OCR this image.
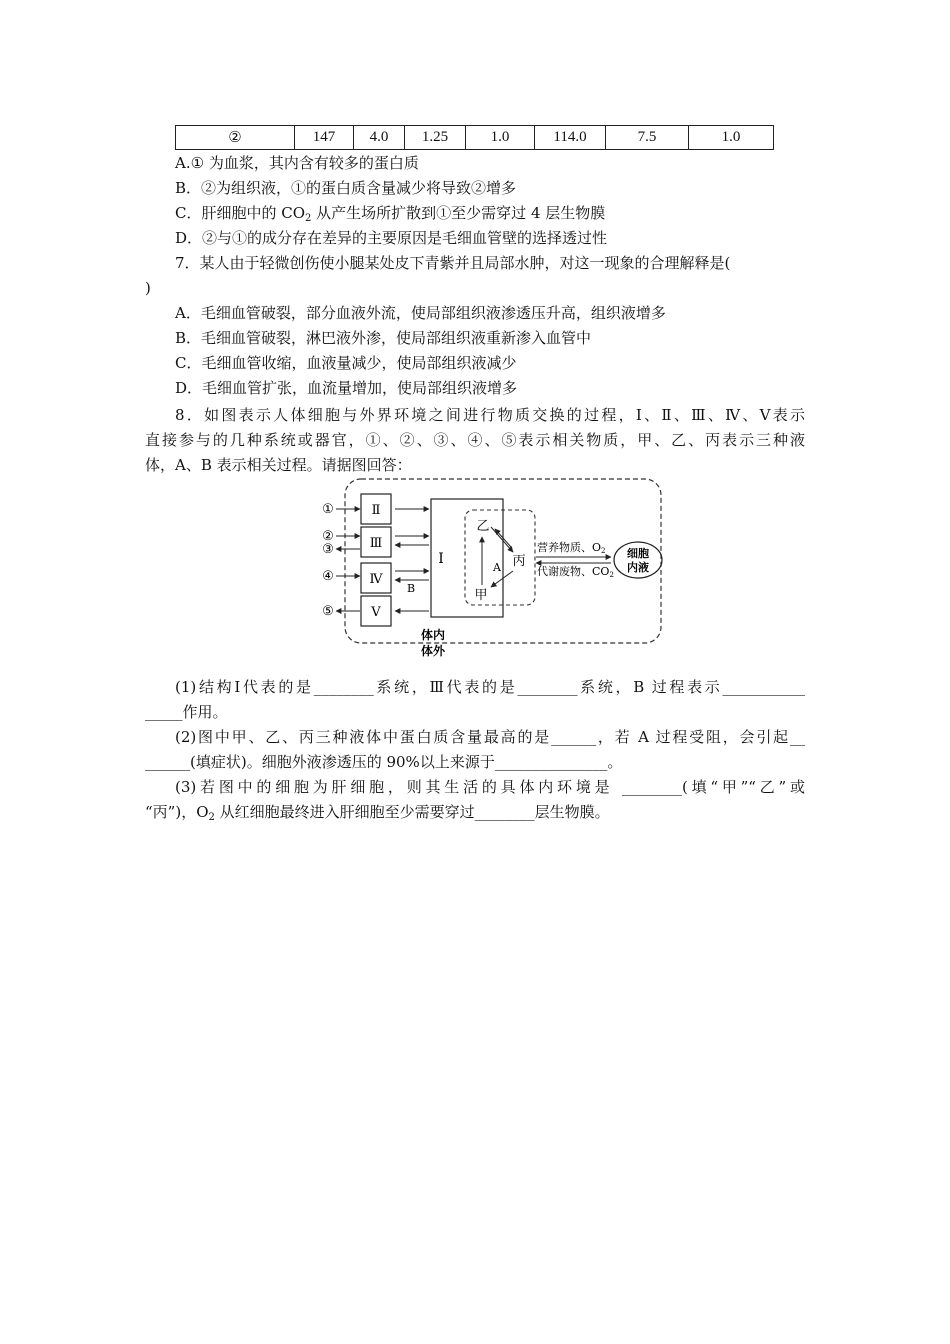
②	147	4.0	1.25	1.0	114.0	7.5	1.0
A.① 为血浆，其内含有较多的蛋白质
B．②为组织液，①的蛋白质含量减少将导致②增多
C．肝细胞中的 $CO_2$ 从产生场所扩散到①至少需穿过 4 层生物膜
D．②与①的成分存在差异的主要原因是毛细血管壁的选择透过性
7．某人由于轻微创伤使小腿某处皮下青紫并且局部水肿，对这一现象的合理解释是(
)
A．毛细血管破裂，部分血液外流，使局部组织液渗透压升高，组织液增多
B．毛细血管破裂，淋巴液外渗，使局部组织液重新渗入血管中
C．毛细血管收缩，血液量减少，使局部组织液减少
D．毛细血管扩张，血流量增加，使局部组织液增多
8．如图表示人体细胞与外界环境之间进行物质交换的过程，Ⅰ、Ⅱ、Ⅲ、Ⅳ、Ⅴ表示
直接参与的几种系统或器官，①、②、③、④、⑤表示相关物质，甲、乙、丙表示三种液
体，A、B 表示相关过程。请据图回答：
Ⅱ
Ⅲ
Ⅳ
Ⅴ
①
②
③
④
⑤
Ⅰ
B
乙
丙
甲
A
营养物质、O2
代谢废物、CO2
细胞
内液
体内
体外
(1)结构Ⅰ代表的是________系统，Ⅲ代表的是________系统，B 过程表示___________
_____作用。
(2)图中甲、乙、丙三种液体中蛋白质含量最高的是______，若 A 过程受阻，会引起__
______(填症状)。细胞外液渗透压的 90%以上来源于_______________。
(3)若图中的细胞为肝细胞，则其生活的具体内环境是 ________(填“甲”“乙”或
“丙”)，$O_2$ 从红细胞最终进入肝细胞至少需要穿过________层生物膜。
